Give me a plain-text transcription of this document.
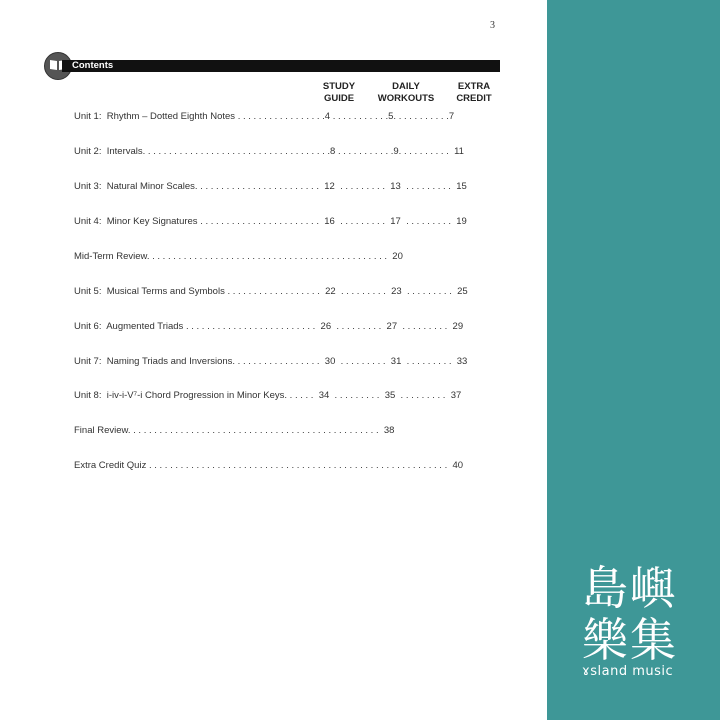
3
Contents
STUDY
GUIDE
DAILY
WORKOUTS
EXTRA
CREDIT
Unit 1:  Rhythm – Dotted Eighth Notes . . . . . . . . . . . . . . . . .4 . . . . . . . . . . .5. . . . . . . . . . .7
Unit 2:  Intervals. . . . . . . . . . . . . . . . . . . . . . . . . . . . . . . . . . . .8 . . . . . . . . . . .9. . . . . . . . . .  11
Unit 3:  Natural Minor Scales. . . . . . . . . . . . . . . . . . . . . . . .  12  . . . . . . . . .  13  . . . . . . . . .  15
Unit 4:  Minor Key Signatures . . . . . . . . . . . . . . . . . . . . . . .  16  . . . . . . . . .  17  . . . . . . . . .  19
Mid-Term Review. . . . . . . . . . . . . . . . . . . . . . . . . . . . . . . . . . . . . . . . . . . . . .  20
Unit 5:  Musical Terms and Symbols . . . . . . . . . . . . . . . . . .  22  . . . . . . . . .  23  . . . . . . . . .  25
Unit 6:  Augmented Triads . . . . . . . . . . . . . . . . . . . . . . . . .  26  . . . . . . . . .  27  . . . . . . . . .  29
Unit 7:  Naming Triads and Inversions. . . . . . . . . . . . . . . . .  30  . . . . . . . . .  31  . . . . . . . . .  33
Unit 8:  i-iv-i-V⁷-i Chord Progression in Minor Keys. . . . . .  34  . . . . . . . . .  35  . . . . . . . . .  37
Final Review. . . . . . . . . . . . . . . . . . . . . . . . . . . . . . . . . . . . . . . . . . . . . . . .  38
Extra Credit Quiz . . . . . . . . . . . . . . . . . . . . . . . . . . . . . . . . . . . . . . . . . . . . . . . . . . . . . . . . .  40
島嶼
樂集
ɤsland music
